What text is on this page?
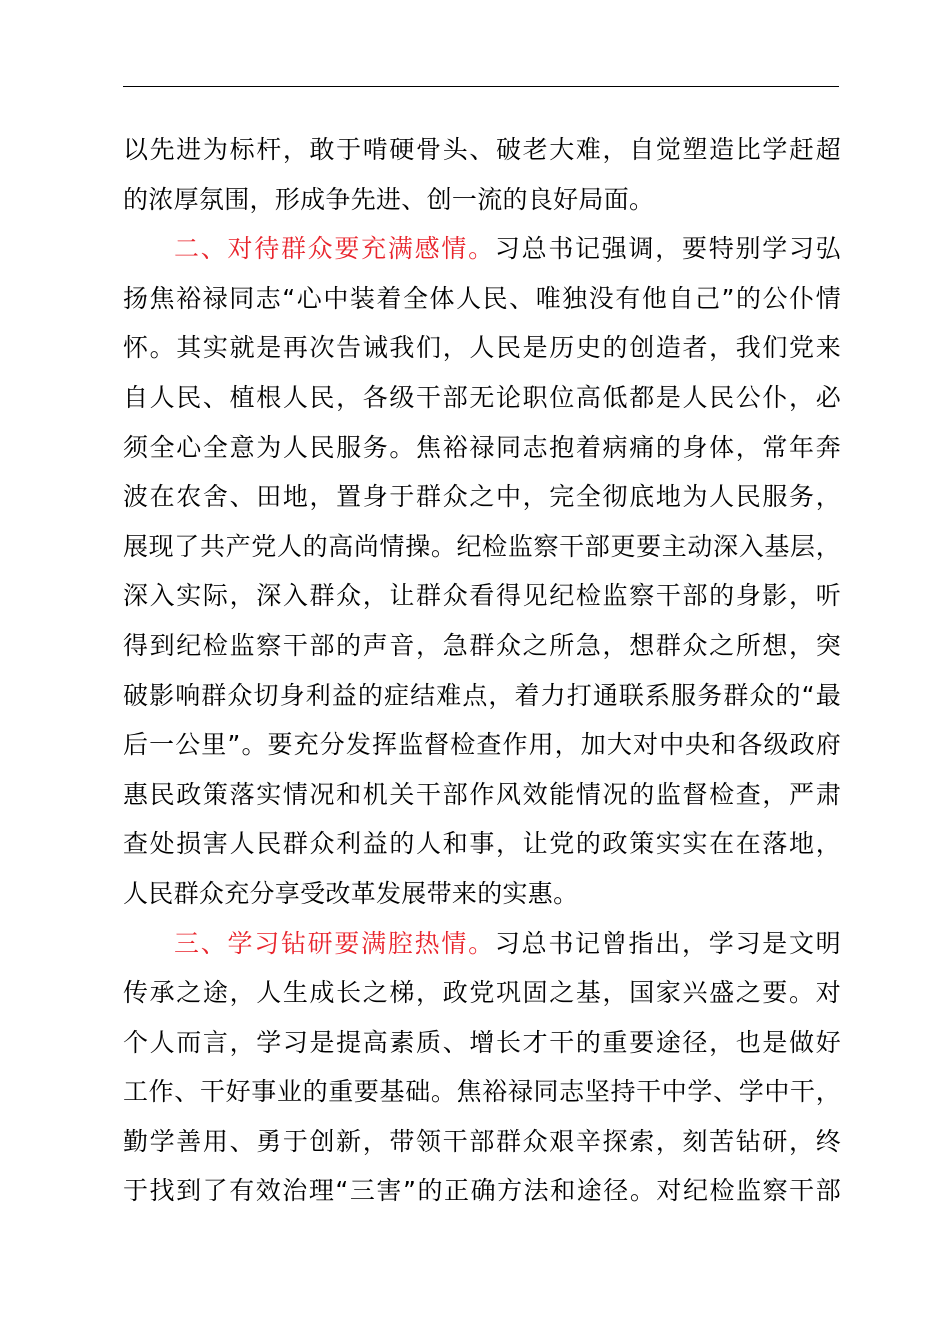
以先进为标杆，敢于啃硬骨头、破老大难，自觉塑造比学赶超
的浓厚氛围，形成争先进、创一流的良好局面。
二、对待群众要充满感情。习总书记强调，要特别学习弘
扬焦裕禄同志“心中装着全体人民、唯独没有他自己”的公仆情
怀。其实就是再次告诫我们，人民是历史的创造者，我们党来
自人民、植根人民，各级干部无论职位高低都是人民公仆，必
须全心全意为人民服务。焦裕禄同志抱着病痛的身体，常年奔
波在农舍、田地，置身于群众之中，完全彻底地为人民服务，
展现了共产党人的高尚情操。纪检监察干部更要主动深入基层，
深入实际，深入群众，让群众看得见纪检监察干部的身影，听
得到纪检监察干部的声音，急群众之所急，想群众之所想，突
破影响群众切身利益的症结难点，着力打通联系服务群众的“最
后一公里”。要充分发挥监督检查作用，加大对中央和各级政府
惠民政策落实情况和机关干部作风效能情况的监督检查，严肃
查处损害人民群众利益的人和事，让党的政策实实在在落地，
人民群众充分享受改革发展带来的实惠。
三、学习钻研要满腔热情。习总书记曾指出，学习是文明
传承之途，人生成长之梯，政党巩固之基，国家兴盛之要。对
个人而言，学习是提高素质、增长才干的重要途径，也是做好
工作、干好事业的重要基础。焦裕禄同志坚持干中学、学中干，
勤学善用、勇于创新，带领干部群众艰辛探索，刻苦钻研，终
于找到了有效治理“三害”的正确方法和途径。对纪检监察干部
